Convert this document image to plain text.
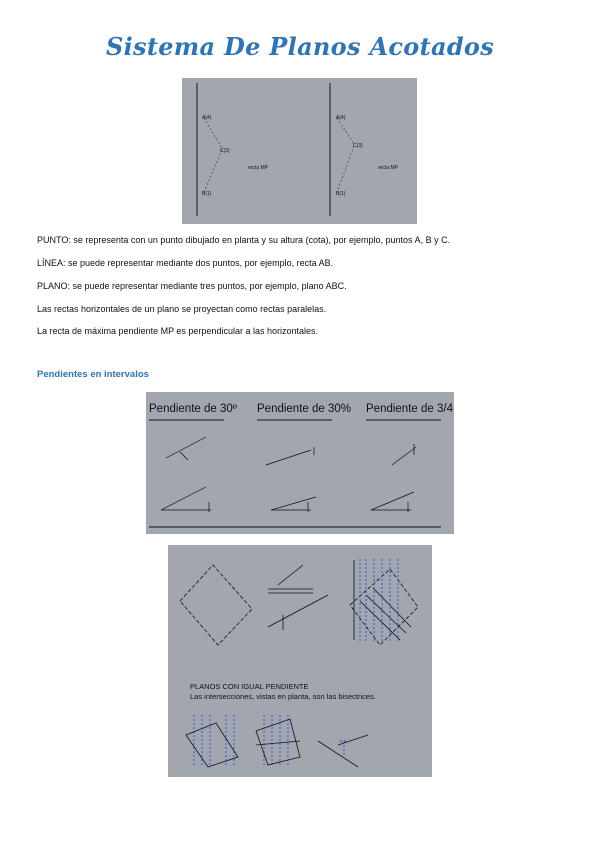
Sistema De Planos Acotados
A(4)
C(3)
recta MP
B(1)
A(4)
C(3)
recta MP
B(1)
PUNTO: se representa con un punto dibujado en planta y su altura (cota), por ejemplo, puntos A, B y C.
LÍNEA: se puede representar mediante dos puntos, por ejemplo, recta AB.
PLANO: se puede representar mediante tres puntos, por ejemplo, plano ABC.
Las rectas horizontales de un plano se proyectan como rectas paralelas.
La recta de máxima pendiente MP es perpendicular a las horizontales.
Pendientes en intervalos
Pendiente de 30º Pendiente de 30% Pendiente de 3/4
PLANOS CON IGUAL PENDIENTE
Las intersecciones, vistas en planta, son las bisectrices.
